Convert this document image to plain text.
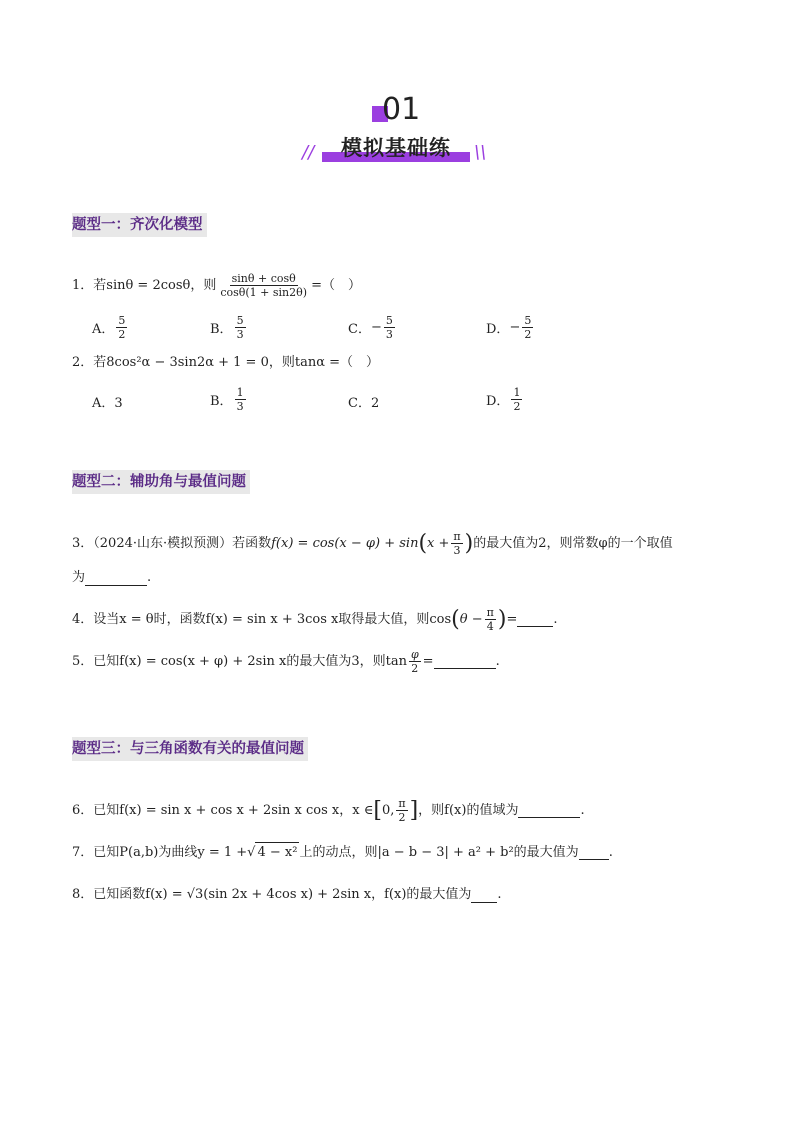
01
//	模拟基础练	\\
题型一：齐次化模型
1．若sinθ = 2cosθ，则 $\frac{\sin\theta + \cos\theta}{\cos\theta(1 + \sin 2\theta)}$ =（　）
A． $\frac{5}{2}$	B． $\frac{5}{3}$	C． − $\frac{5}{3}$	D． − $\frac{5}{2}$
2．若8cos²α − 3sin2α + 1 = 0，则tanα =（　）
A．3	B． $\frac{1}{3}$	C．2	D． $\frac{1}{2}$
题型二：辅助角与最值问题
3．（2024·山东·模拟预测）若函数 f(x) = cos(x − φ) + sin ( $x + \frac{\pi}{3}$ ) 的最大值为2，则常数φ的一个取值
为	.
4．设当x = θ时，函数f(x) = sin x + 3cos x取得最大值，则cos ( $\theta - \frac{\pi}{4}$ ) =	.
5．已知f(x) = cos(x + φ) + 2sin x的最大值为3，则$\tan \frac{\varphi}{2}$ =	.
题型三：与三角函数有关的最值问题
6．已知f(x) = sin x + cos x + 2sin x cos x，x ∈ [ 0, $\frac{\pi}{2}$ ] ，则f(x)的值域为	.
7．已知P(a,b)为曲线y = 1 + √ 4 − x² 上的动点，则|a − b − 3| + a² + b²的最大值为 .
8．已知函数f(x) = √3(sin 2x + 4cos x) + 2sin x，f(x)的最大值为 .
